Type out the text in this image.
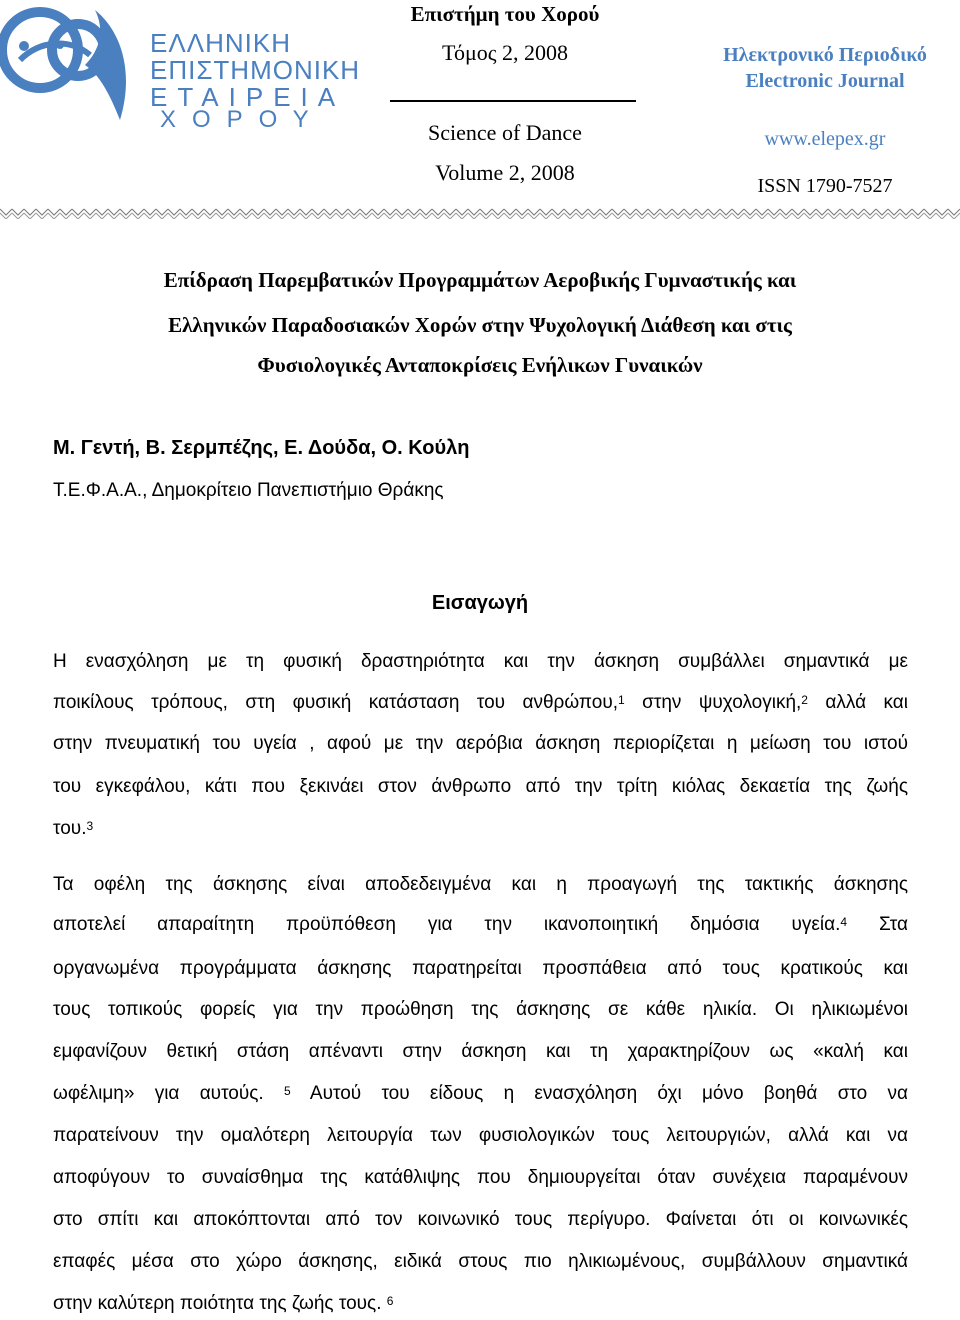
ΕΛΛΗΝΙΚΗ
ΕΠΙΣΤΗΜΟΝΙΚΗ
ΕΤΑΙΡΕΙΑ
ΧΟΡΟΥ
Επιστήμη του Χορού
Τόμος 2, 2008
Science of Dance
Volume 2, 2008
Ηλεκτρονικό Περιοδικό
Electronic Journal
www.elepex.gr
ISSN 1790-7527
Επίδραση Παρεμβατικών Προγραμμάτων Αεροβικής Γυμναστικής και
Ελληνικών Παραδοσιακών Χορών στην Ψυχολογική Διάθεση και στις
Φυσιολογικές Ανταποκρίσεις Ενήλικων Γυναικών
Μ. Γεντή, Β. Σερμπέζης, Ε. Δούδα, Ο. Κούλη
Τ.Ε.Φ.Α.Α., Δημοκρίτειο Πανεπιστήμιο Θράκης
Εισαγωγή
Η ενασχόληση με τη φυσική δραστηριότητα και την άσκηση συμβάλλει σημαντικά με
ποικίλους τρόπους, στη φυσική κατάσταση του ανθρώπου,$^1$ στην ψυχολογική,$^2$ αλλά και
στην πνευματική του υγεία , αφού με την αερόβια άσκηση περιορίζεται η μείωση του ιστού
του εγκεφάλου, κάτι που ξεκινάει στον άνθρωπο από την τρίτη κιόλας δεκαετία της ζωής
του.$^3$
Τα οφέλη της άσκησης είναι αποδεδειγμένα και η προαγωγή της τακτικής άσκησης
αποτελεί απαραίτητη προϋπόθεση για την ικανοποιητική δημόσια υγεία.$^4$ Στα
οργανωμένα προγράμματα άσκησης παρατηρείται προσπάθεια από τους κρατικούς και
τους τοπικούς φορείς για την προώθηση της άσκησης σε κάθε ηλικία. Οι ηλικιωμένοι
εμφανίζουν θετική στάση απέναντι στην άσκηση και τη χαρακτηρίζουν ως «καλή και
ωφέλιμη» για αυτούς. $^5$ Αυτού του είδους η ενασχόληση όχι μόνο βοηθά στο να
παρατείνουν την ομαλότερη λειτουργία των φυσιολογικών τους λειτουργιών, αλλά και να
αποφύγουν το συναίσθημα της κατάθλιψης που δημιουργείται όταν συνέχεια παραμένουν
στο σπίτι και αποκόπτονται από τον κοινωνικό τους περίγυρο. Φαίνεται ότι οι κοινωνικές
επαφές μέσα στο χώρο άσκησης, ειδικά στους πιο ηλικιωμένους, συμβάλλουν σημαντικά
στην καλύτερη ποιότητα της ζωής τους. $^6$
